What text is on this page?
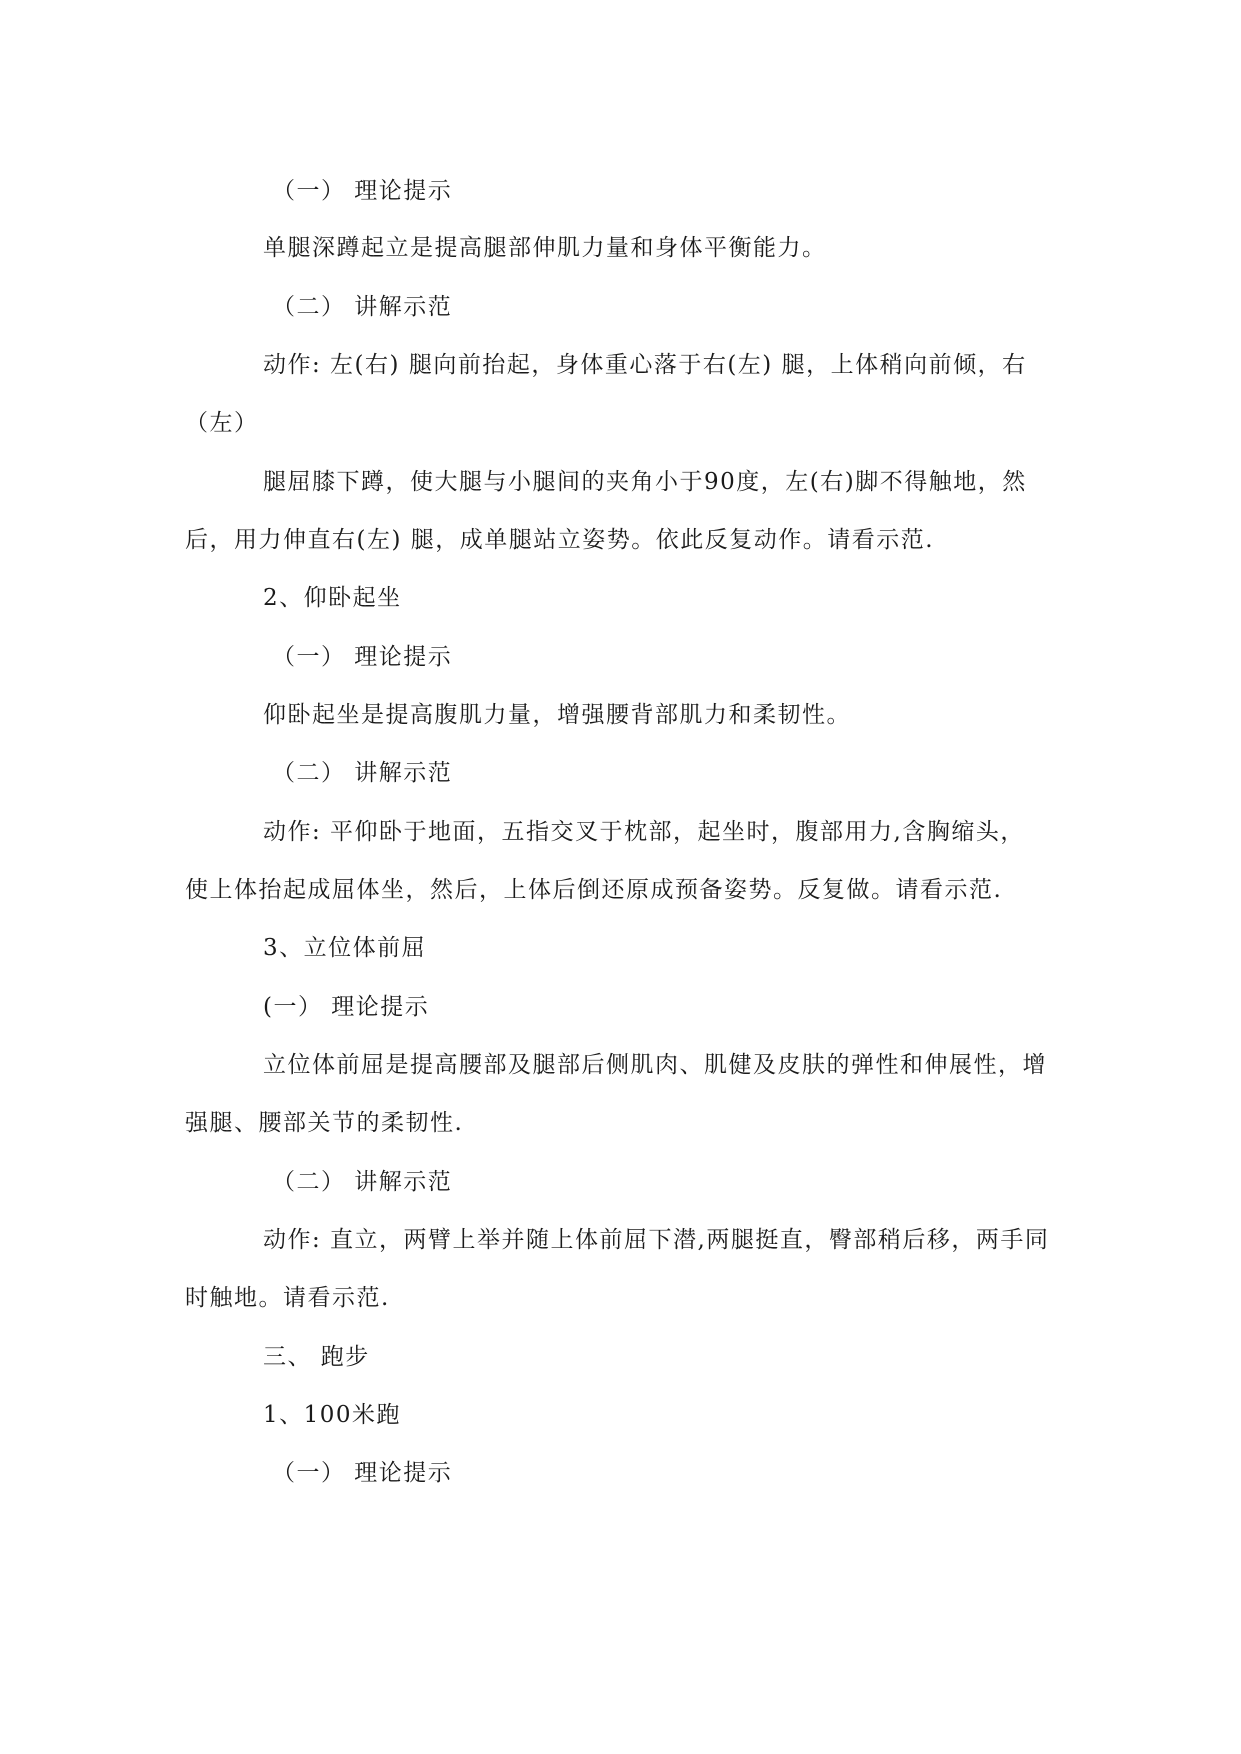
（一） 理论提示
单腿深蹲起立是提高腿部伸肌力量和身体平衡能力。
（二） 讲解示范
动作: 左(右) 腿向前抬起，身体重心落于右(左) 腿，上体稍向前倾，右
（左）
腿屈膝下蹲，使大腿与小腿间的夹角小于90度，左(右)脚不得触地，然
后，用力伸直右(左) 腿，成单腿站立姿势。依此反复动作。请看示范.
2、仰卧起坐
（一） 理论提示
仰卧起坐是提高腹肌力量，增强腰背部肌力和柔韧性。
（二） 讲解示范
动作: 平仰卧于地面，五指交叉于枕部，起坐时，腹部用力,含胸缩头，
使上体抬起成屈体坐，然后，上体后倒还原成预备姿势。反复做。请看示范.
3、立位体前屈
(一） 理论提示
立位体前屈是提高腰部及腿部后侧肌肉、肌健及皮肤的弹性和伸展性，增
强腿、腰部关节的柔韧性.
（二） 讲解示范
动作: 直立，两臂上举并随上体前屈下潜,两腿挺直，臀部稍后移，两手同
时触地。请看示范.
三、 跑步
1、100米跑
（一） 理论提示
